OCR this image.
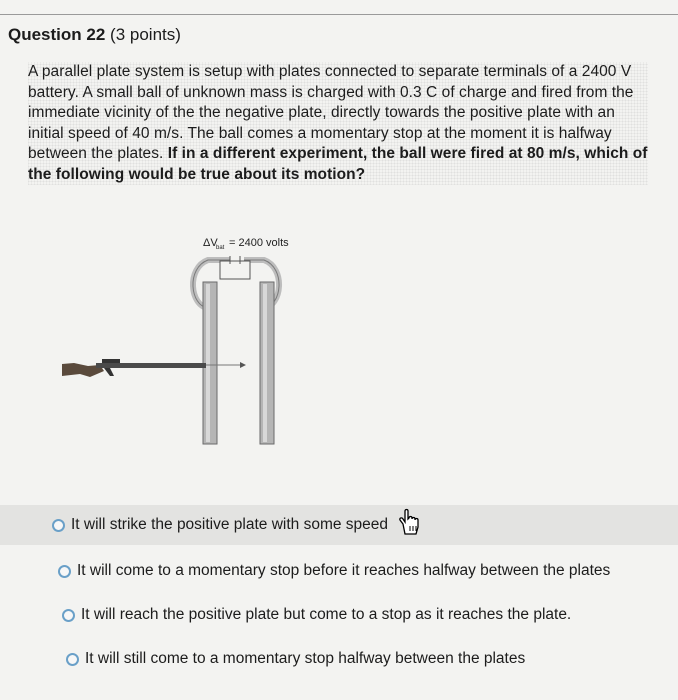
Question 22 (3 points)
A parallel plate system is setup with plates connected to separate terminals of a 2400 V battery. A small ball of unknown mass is charged with 0.3 C of charge and fired from the immediate vicinity of the the negative plate, directly towards the positive plate with an initial speed of 40 m/s. The ball comes a momentary stop at the moment it is halfway between the plates. If in a different experiment, the ball were fired at 80 m/s, which of the following would be true about its motion?
ΔV
bat = 2400 volts
It will strike the positive plate with some speed
It will come to a momentary stop before it reaches halfway between the plates
It will reach the positive plate but come to a stop as it reaches the plate.
It will still come to a momentary stop halfway between the plates
